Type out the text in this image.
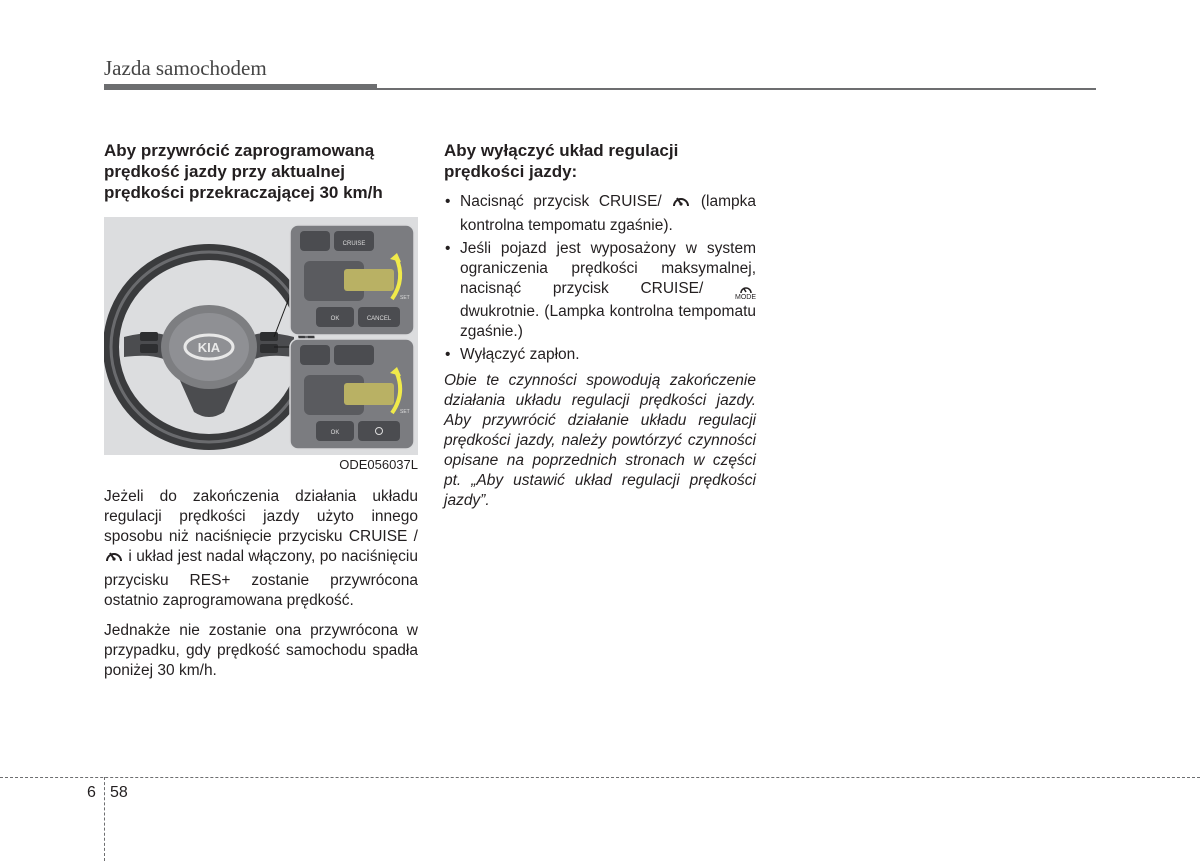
Jazda samochodem
Aby przywrócić zaprogramowaną prędkość jazdy przy aktualnej prędkości przekraczającej 30 km/h
KIA
CRUISE
SET
OK	CANCEL
SET
OK
ODE056037L

Jeżeli do zakończenia działania układu regulacji prędkości jazdy użyto innego sposobu niż naciśnięcie przycisku CRUISE /  i układ jest nadal włączony, po naciśnięciu przycisku RES+ zostanie przywrócona ostatnio zaprogramowana prędkość.

Jednakże nie zostanie ona przywrócona w przypadku, gdy prędkość samochodu spadła poniżej 30 km/h.

Aby wyłączyć układ regulacji prędkości jazdy:
• Nacisnąć przycisk CRUISE/	(lampka kontrolna tempomatu zgaśnie).
• Jeśli pojazd jest wyposażony w system ograniczenia prędkości maksymalnej, nacisnąć przycisk CRUISE/
MODE
dwukrotnie. (Lampka kontrolna tempomatu zgaśnie.)
• Wyłączyć zapłon.

Obie te czynności spowodują zakończenie działania układu regulacji prędkości jazdy. Aby przywrócić działanie układu regulacji prędkości jazdy, należy powtórzyć czynności opisane na poprzednich stronach w części pt. „Aby ustawić układ regulacji prędkości jazdy”.

6 58
